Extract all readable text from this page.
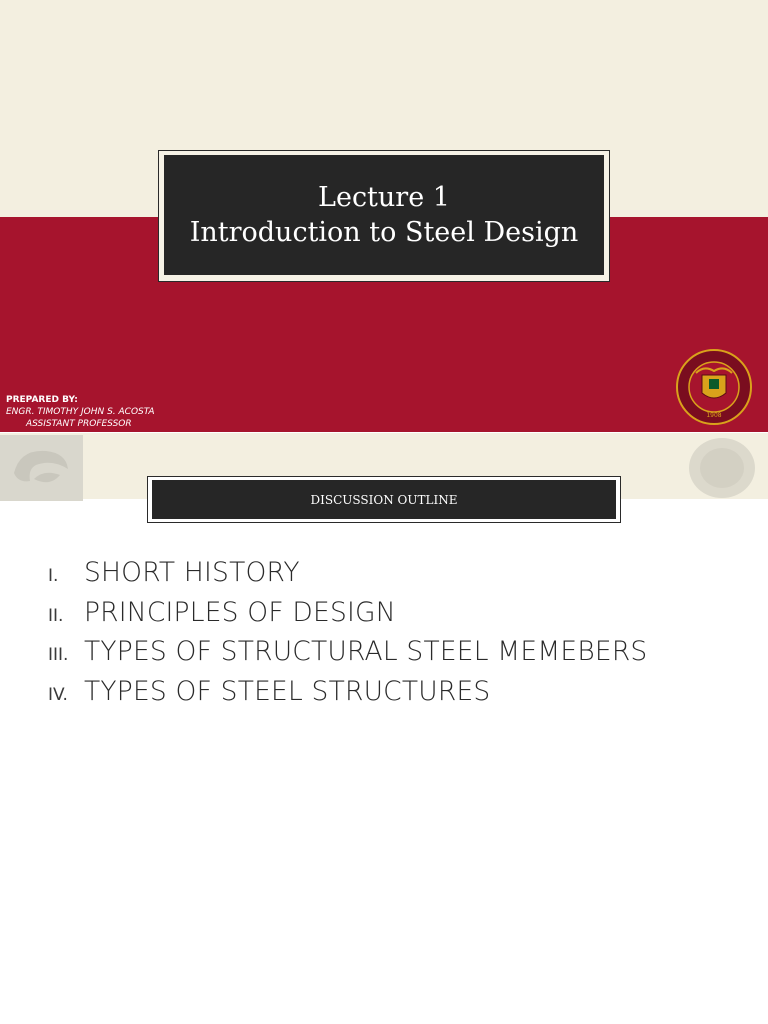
Lecture 1
Introduction to Steel Design
PREPARED BY:
ENGR. TIMOTHY JOHN S. ACOSTA
ASSISTANT PROFESSOR
1908
DISCUSSION OUTLINE
I. SHORT HISTORY
II. PRINCIPLES OF DESIGN
III. TYPES OF STRUCTURAL STEEL MEMEBERS
IV. TYPES OF STEEL STRUCTURES
